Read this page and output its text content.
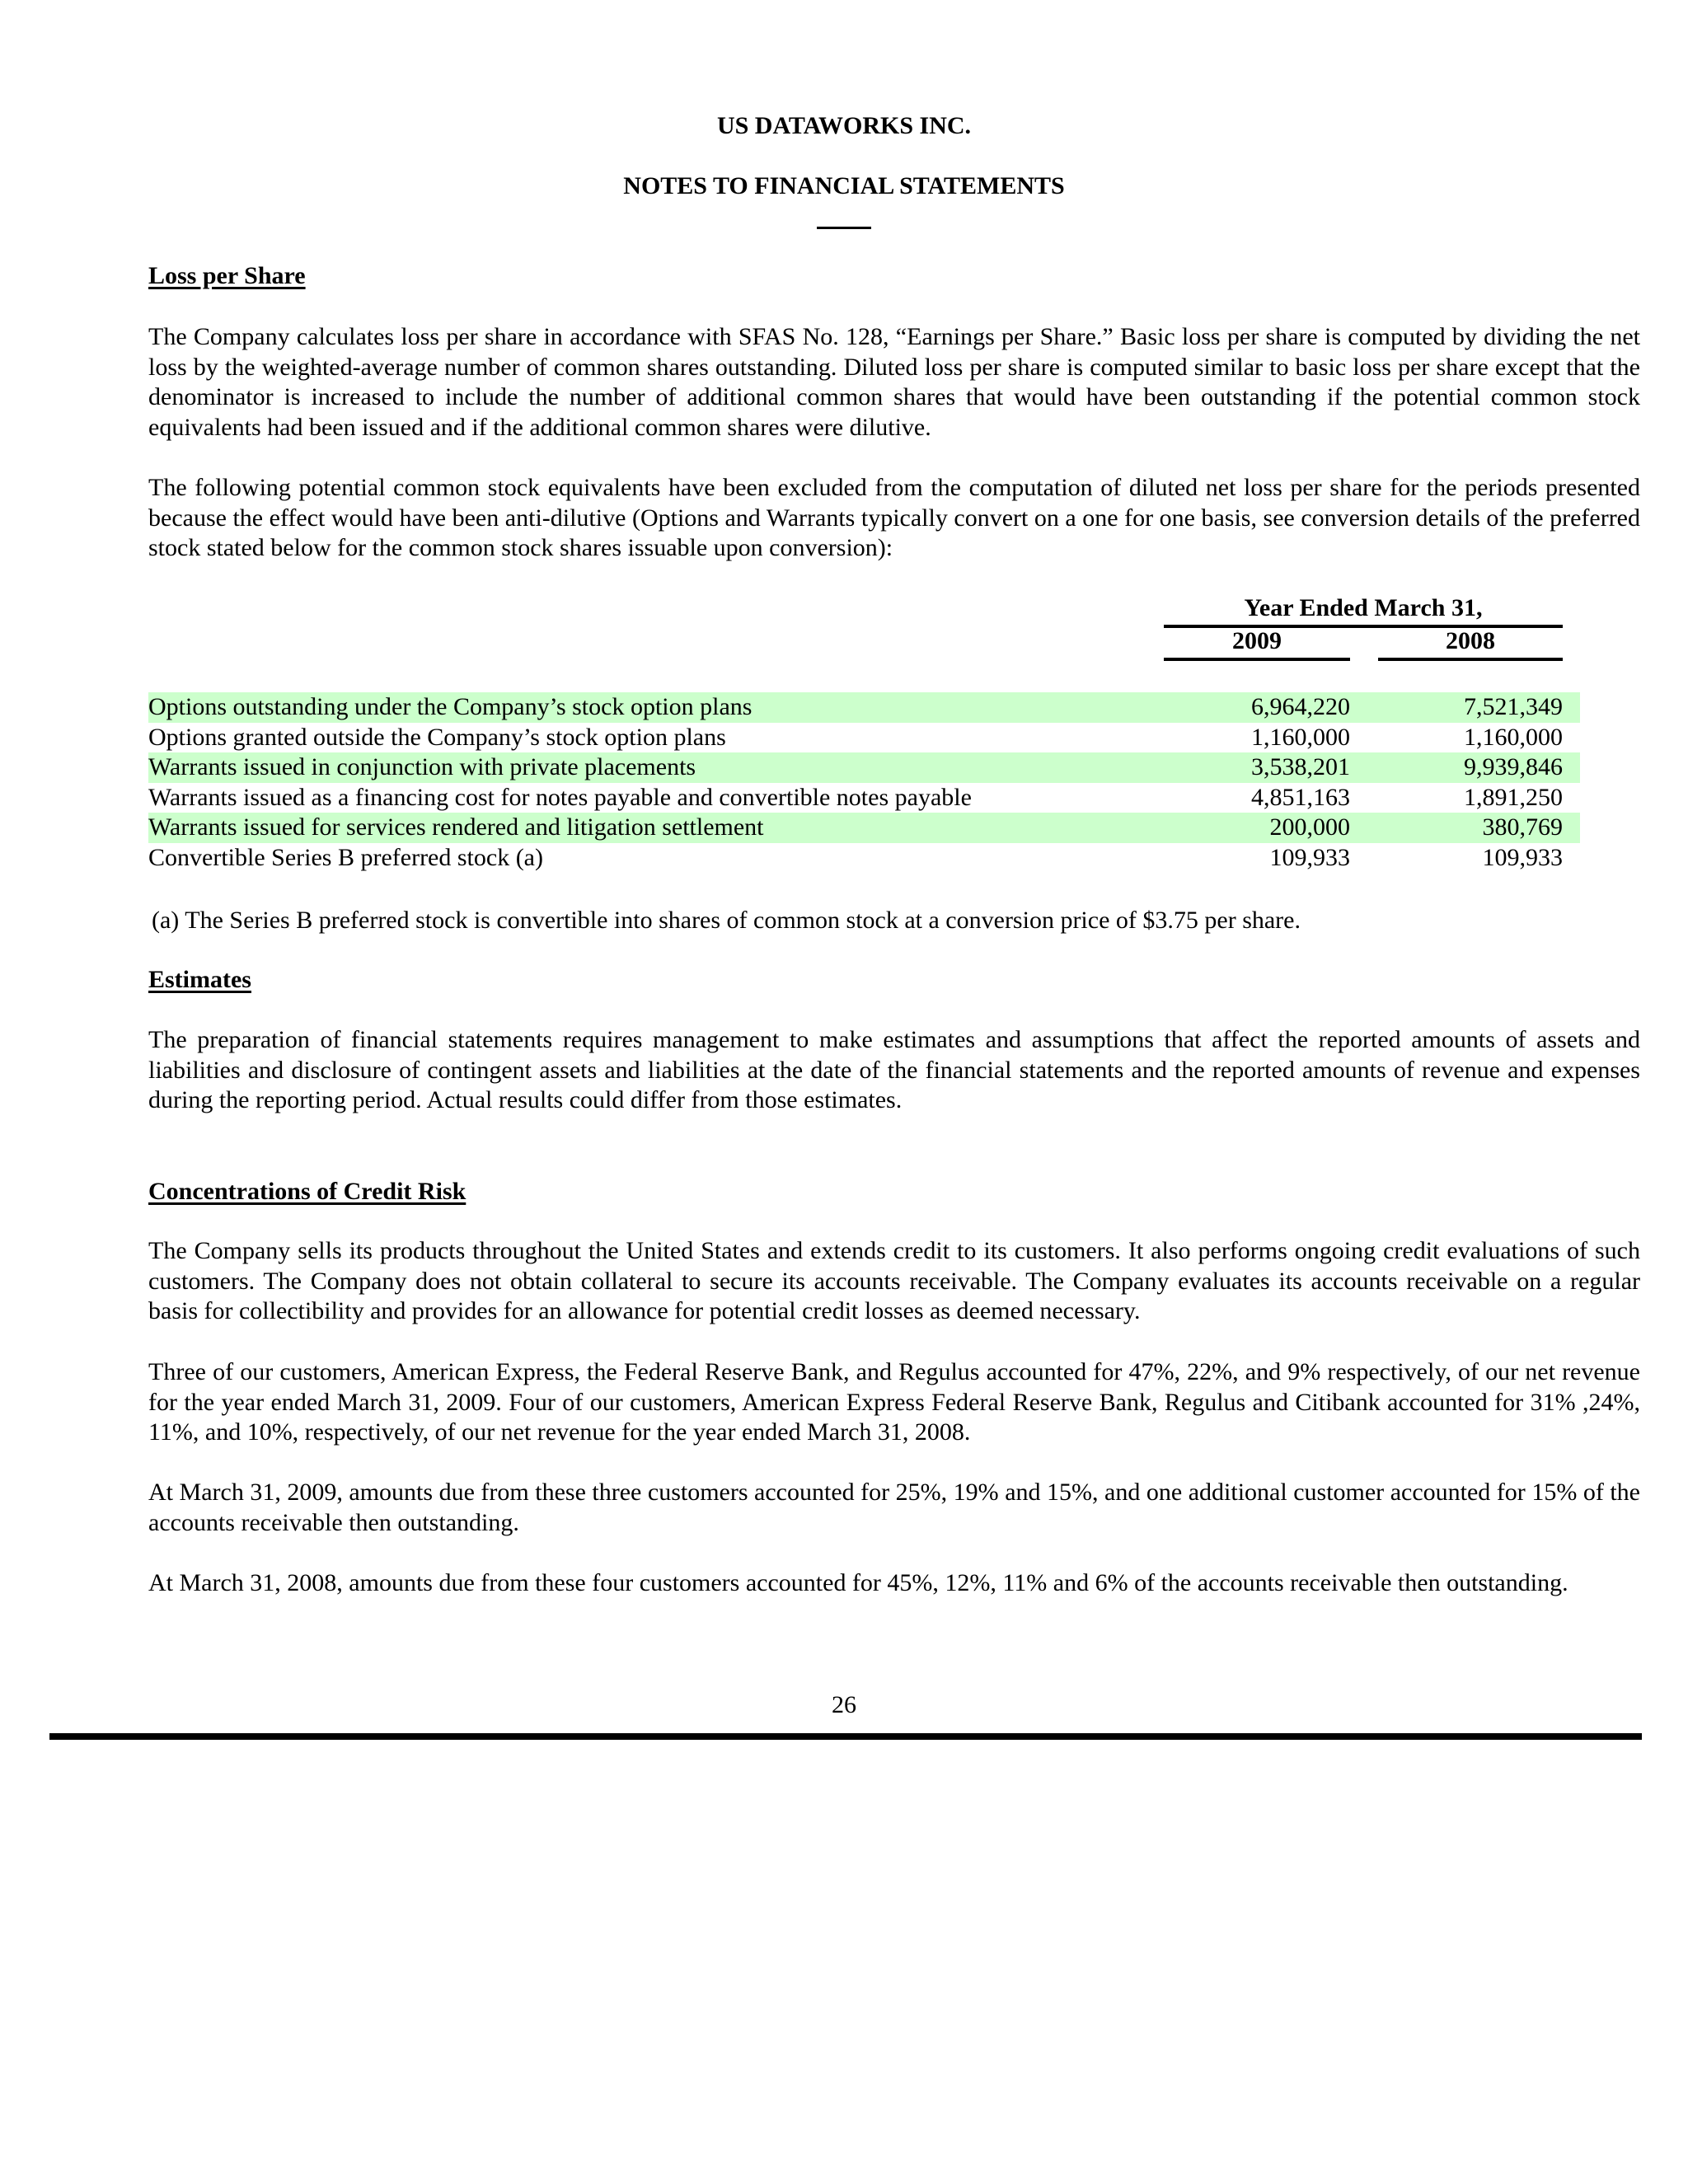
US DATAWORKS INC.
NOTES TO FINANCIAL STATEMENTS
Loss per Share
The Company calculates loss per share in accordance with SFAS No. 128, “Earnings per Share.” Basic loss per share is computed by dividing the net loss by the weighted-average number of common shares outstanding. Diluted loss per share is computed similar to basic loss per share except that the denominator is increased to include the number of additional common shares that would have been outstanding if the potential common stock equivalents had been issued and if the additional common shares were dilutive.
The following potential common stock equivalents have been excluded from the computation of diluted net loss per share for the periods presented because the effect would have been anti-dilutive (Options and Warrants typically convert on a one for one basis, see conversion details of the preferred stock stated below for the common stock shares issuable upon conversion):
Year Ended March 31,
2009	2008
Options outstanding under the Company’s stock option plans	6,964,220	7,521,349
Options granted outside the Company’s stock option plans	1,160,000	1,160,000
Warrants issued in conjunction with private placements	3,538,201	9,939,846
Warrants issued as a financing cost for notes payable and convertible notes payable	4,851,163	1,891,250
Warrants issued for services rendered and litigation settlement	200,000	380,769
Convertible Series B preferred stock (a)	109,933	109,933
(a) The Series B preferred stock is convertible into shares of common stock at a conversion price of $3.75 per share.
Estimates
The preparation of financial statements requires management to make estimates and assumptions that affect the reported amounts of assets and liabilities and disclosure of contingent assets and liabilities at the date of the financial statements and the reported amounts of revenue and expenses during the reporting period. Actual results could differ from those estimates.
Concentrations of Credit Risk
The Company sells its products throughout the United States and extends credit to its customers. It also performs ongoing credit evaluations of such customers. The Company does not obtain collateral to secure its accounts receivable. The Company evaluates its accounts receivable on a regular basis for collectibility and provides for an allowance for potential credit losses as deemed necessary.
Three of our customers, American Express, the Federal Reserve Bank, and Regulus accounted for 47%, 22%, and 9% respectively, of our net revenue for the year ended March 31, 2009. Four of our customers, American Express Federal Reserve Bank, Regulus and Citibank accounted for 31% ,24%, 11%, and 10%, respectively, of our net revenue for the year ended March 31, 2008.
At March 31, 2009, amounts due from these three customers accounted for 25%, 19% and 15%, and one additional customer accounted for 15% of the accounts receivable then outstanding.
At March 31, 2008, amounts due from these four customers accounted for 45%, 12%, 11% and 6% of the accounts receivable then outstanding.
26
